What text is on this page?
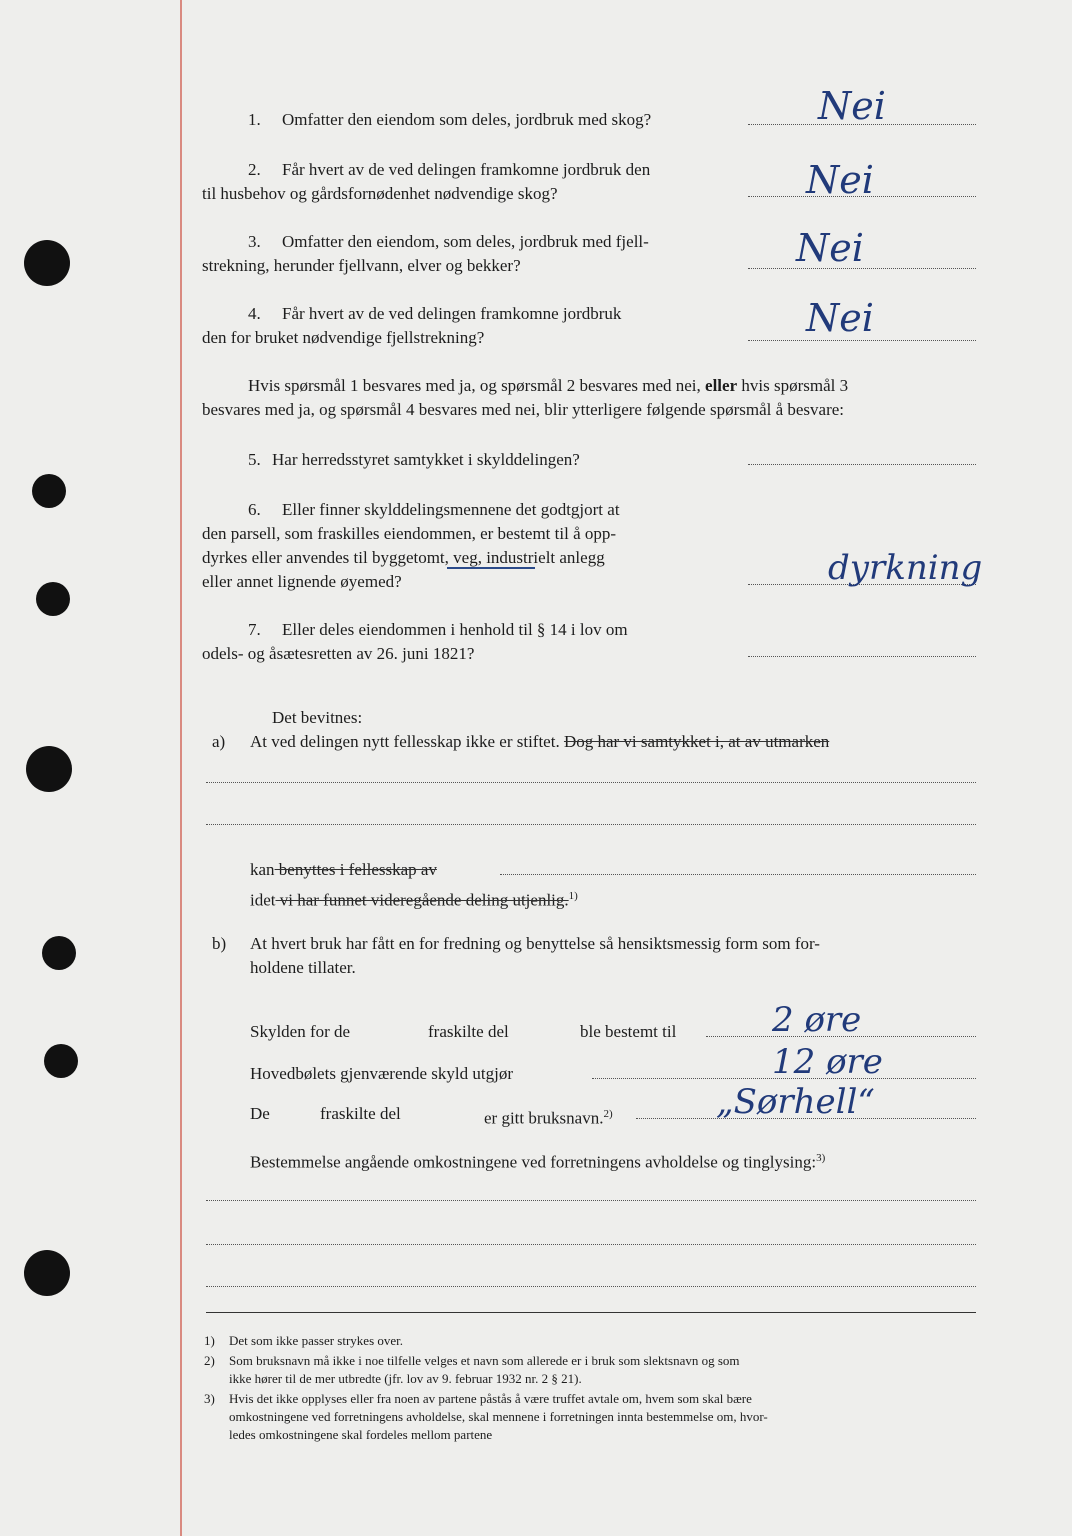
1. Omfatter den eiendom som deles, jordbruk med skog?	Nei
2. Får hvert av de ved delingen framkomne jordbruk den
til husbehov og gårdsfornødenhet nødvendige skog?	Nei
3. Omfatter den eiendom, som deles, jordbruk med fjell-
strekning, herunder fjellvann, elver og bekker?	Nei
4. Får hvert av de ved delingen framkomne jordbruk
den for bruket nødvendige fjellstrekning?	Nei
Hvis spørsmål 1 besvares med ja, og spørsmål 2 besvares med nei, eller hvis spørsmål 3
besvares med ja, og spørsmål 4 besvares med nei, blir ytterligere følgende spørsmål å besvare:
5. Har herredsstyret samtykket i skylddelingen?
6. Eller finner skylddelingsmennene det godtgjort at
den parsell, som fraskilles eiendommen, er bestemt til å opp-
dyrkes eller anvendes til byggetomt, veg, industrielt anlegg
eller annet lignende øyemed?	dyrkning
7. Eller deles eiendommen i henhold til § 14 i lov om
odels- og åsætesretten av 26. juni 1821?
Det bevitnes:
a) At ved delingen nytt fellesskap ikke er stiftet. Dog har vi samtykket i, at av utmarken
kan benyttes i fellesskap av
idet vi har funnet videregående deling utjenlig.$^{1)}$
b) At hvert bruk har fått en for fredning og benyttelse så hensiktsmessig form som for-
holdene tillater.
Skylden for de	fraskilte del	ble bestemt til	2 øre
Hovedbølets gjenværende skyld utgjør	12 øre
De	fraskilte del	er gitt bruksnavn.$^{2)}$	„Sørhell“
Bestemmelse angående omkostningene ved forretningens avholdelse og tinglysing:$^{3)}$
1) Det som ikke passer strykes over.
2) Som bruksnavn må ikke i noe tilfelle velges et navn som allerede er i bruk som slektsnavn og som
ikke hører til de mer utbredte (jfr. lov av 9. februar 1932 nr. 2 § 21).
3) Hvis det ikke opplyses eller fra noen av partene påstås å være truffet avtale om, hvem som skal bære
omkostningene ved forretningens avholdelse, skal mennene i forretningen innta bestemmelse om, hvor-
ledes omkostningene skal fordeles mellom partene
